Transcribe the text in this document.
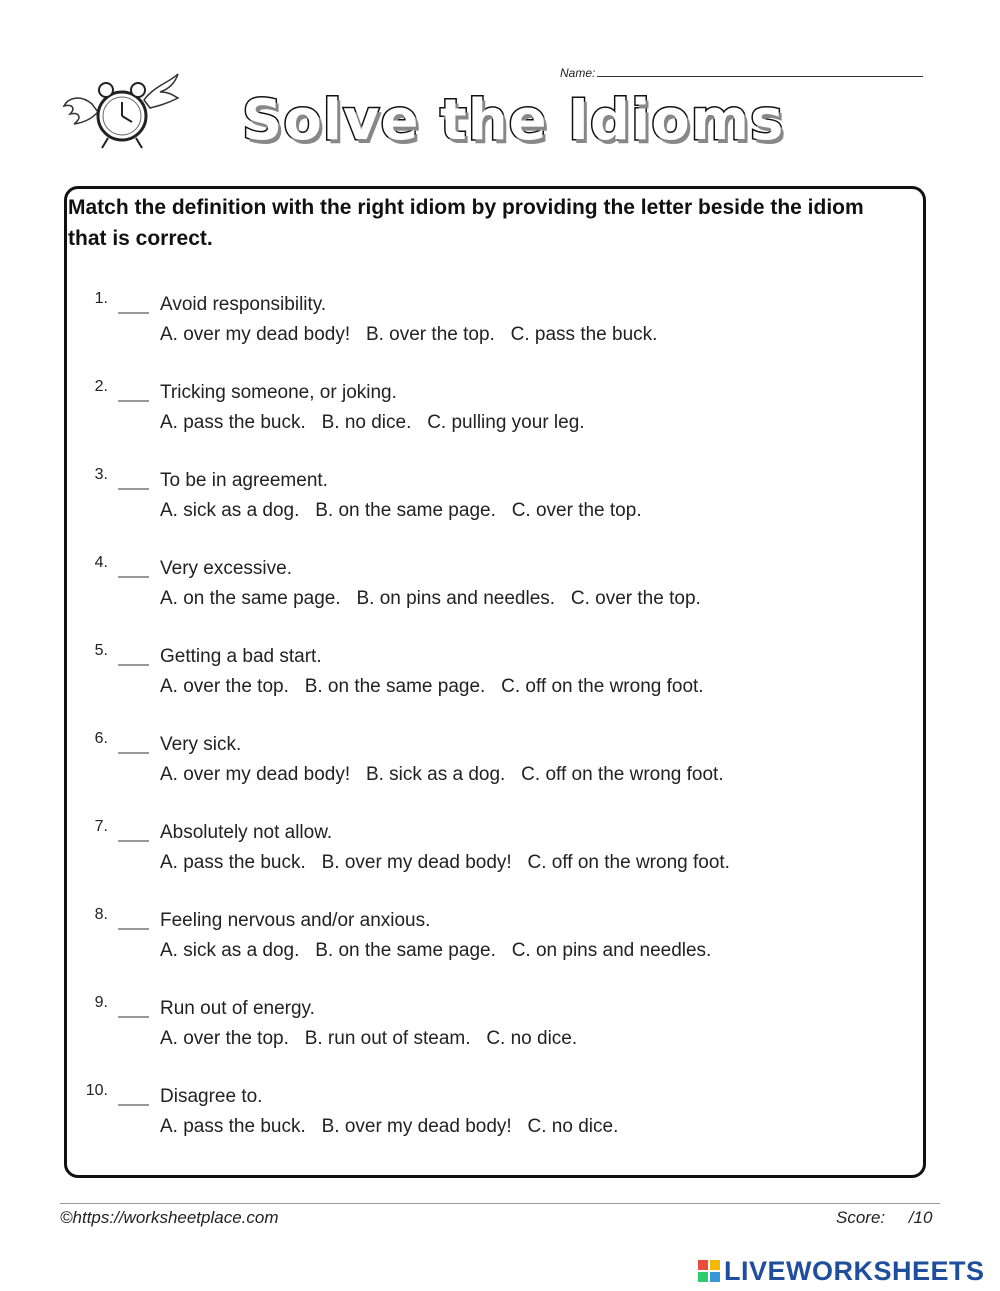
Name:
Solve the Idioms
Match the definition with the right idiom by providing the letter beside the idiom that is correct.
1.	Avoid responsibility.
A. over my dead body!   B. over the top.   C. pass the buck.
2.	Tricking someone, or joking.
A. pass the buck.   B. no dice.   C. pulling your leg.
3.	To be in agreement.
A. sick as a dog.   B. on the same page.   C. over the top.
4.	Very excessive.
A. on the same page.   B. on pins and needles.   C. over the top.
5.	Getting a bad start.
A. over the top.   B. on the same page.   C. off on the wrong foot.
6.	Very sick.
A. over my dead body!   B. sick as a dog.   C. off on the wrong foot.
7.	Absolutely not allow.
A. pass the buck.   B. over my dead body!   C. off on the wrong foot.
8.	Feeling nervous and/or anxious.
A. sick as a dog.   B. on the same page.   C. on pins and needles.
9.	Run out of energy.
A. over the top.   B. run out of steam.   C. no dice.
10.	Disagree to.
A. pass the buck.   B. over my dead body!   C. no dice.
©https://worksheetplace.com	Score: /10
LIVEWORKSHEETS
